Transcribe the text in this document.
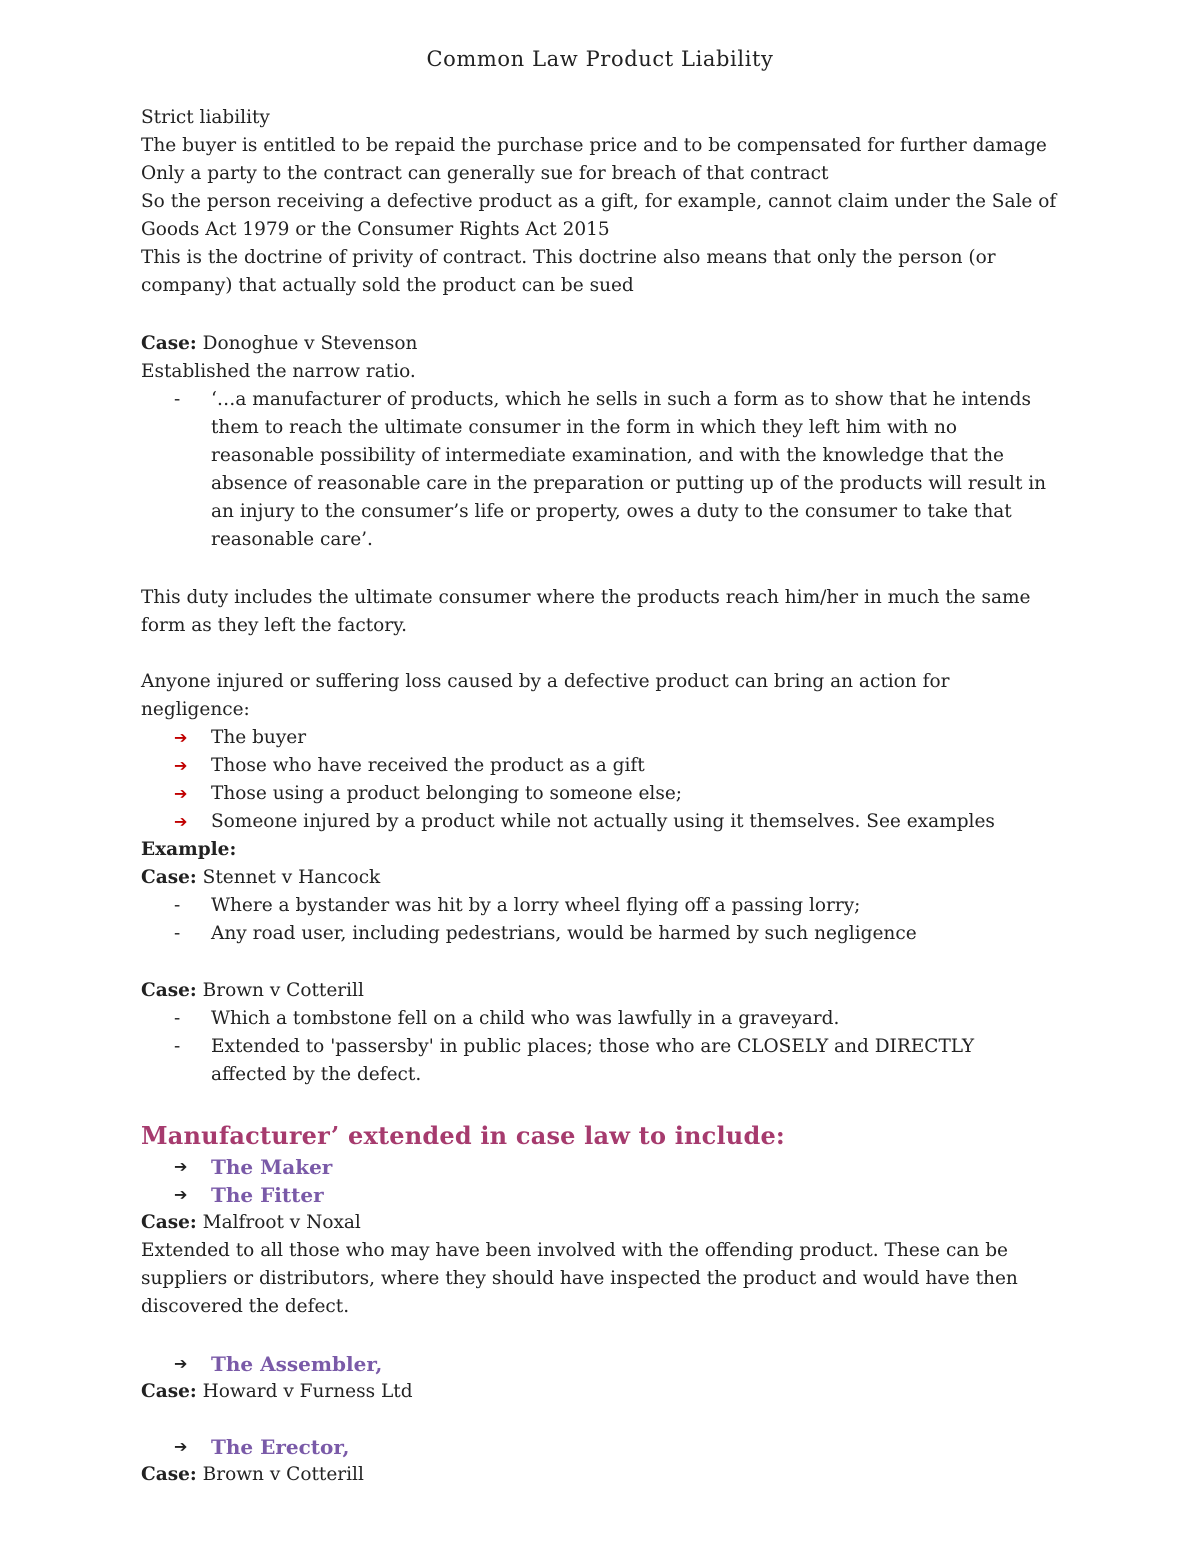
Common Law Product Liability
Strict liability
The buyer is entitled to be repaid the purchase price and to be compensated for further damage
Only a party to the contract can generally sue for breach of that contract
So the person receiving a defective product as a gift, for example, cannot claim under the Sale of
Goods Act 1979 or the Consumer Rights Act 2015
This is the doctrine of privity of contract. This doctrine also means that only the person (or
company) that actually sold the product can be sued
Case: Donoghue v Stevenson
Established the narrow ratio.
- ‘…a manufacturer of products, which he sells in such a form as to show that he intends
them to reach the ultimate consumer in the form in which they left him with no
reasonable possibility of intermediate examination, and with the knowledge that the
absence of reasonable care in the preparation or putting up of the products will result in
an injury to the consumer’s life or property, owes a duty to the consumer to take that
reasonable care’.
This duty includes the ultimate consumer where the products reach him/her in much the same
form as they left the factory.
Anyone injured or suffering loss caused by a defective product can bring an action for
negligence:
➔ The buyer
➔ Those who have received the product as a gift
➔ Those using a product belonging to someone else;
➔ Someone injured by a product while not actually using it themselves. See examples
Example:
Case: Stennet v Hancock
- Where a bystander was hit by a lorry wheel flying off a passing lorry;
- Any road user, including pedestrians, would be harmed by such negligence
Case: Brown v Cotterill
- Which a tombstone fell on a child who was lawfully in a graveyard.
- Extended to 'passersby' in public places; those who are CLOSELY and DIRECTLY
affected by the defect.
Manufacturer’ extended in case law to include:
➔ The Maker
➔ The Fitter
Case: Malfroot v Noxal
Extended to all those who may have been involved with the offending product. These can be
suppliers or distributors, where they should have inspected the product and would have then
discovered the defect.
➔ The Assembler,
Case: Howard v Furness Ltd
➔ The Erector,
Case: Brown v Cotterill
